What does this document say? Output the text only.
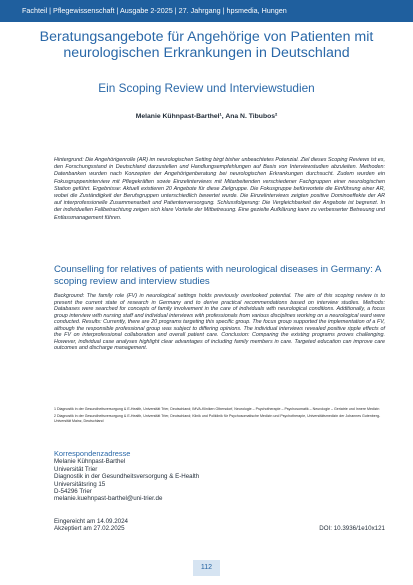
Fachteil | Pflegewissenschaft | Ausgabe 2-2025 | 27. Jahrgang | hpsmedia, Hungen
Beratungsangebote für Angehörige von Patienten mit neurologischen Erkrankungen in Deutschland
Ein Scoping Review und Interviewstudien
Melanie Kühnpast-Barthel¹, Ana N. Tibubos²
Hintergrund: Die Angehörigenrolle (AR) im neurologischen Setting birgt bisher unbeachtetes Potenzial. Ziel dieses Scoping Reviews ist es, den Forschungsstand in Deutschland darzustellen und Handlungsempfehlungen auf Basis von Interviewstudien abzuleiten. Methoden: Datenbanken wurden nach Konzepten der Angehörigenberatung bei neurologischen Erkrankungen durchsucht. Zudem wurden ein Fokusgruppeninterview mit Pflegekräften sowie Einzelinterviews mit Mitarbeitenden verschiedener Fachgruppen einer neurologischen Station geführt. Ergebnisse: Aktuell existieren 20 Angebote für diese Zielgruppe. Die Fokusgruppe befürwortete die Einführung einer AR, wobei die Zuständigkeit der Berufsgruppen unterschiedlich bewertet wurde. Die Einzelinterviews zeigten positive Dominoeffekte der AR auf interprofessionelle Zusammenarbeit und Patientenversorgung. Schlussfolgerung: Die Vergleichbarkeit der Angebote ist begrenzt. In der individuellen Fallbetrachtung zeigen sich klare Vorteile der Mitbetreuung. Eine gezielte Aufklärung kann zu verbesserter Betreuung und Entlassmanagement führen.
Counselling for relatives of patients with neurological diseases in Germany: A scoping review and interview studies
Background: The family role (FV) in neurological settings holds previously overlooked potential. The aim of this scoping review is to present the current state of research in Germany and to derive practical recommendations based on interview studies. Methods: Databases were searched for concepts of family involvement in the care of individuals with neurological conditions. Additionally, a focus group interview with nursing staff and individual interviews with professionals from various disciplines working on a neurological ward were conducted. Results: Currently, there are 20 programs targeting this specific group. The focus group supported the implementation of a FV, although the responsible professional group was subject to differing opinions. The individual interviews revealed positive ripple effects of the FV on interprofessional collaboration and overall patient care. Conclusion: Comparing the existing programs proves challenging. However, individual case analyses highlight clear advantages of including family members in care. Targeted education can improve care outcomes and discharge management.

1 Diagnostik in der Gesundheitsversorgung & E-Health, Universität Trier, Deutschland; IMVA-Kliniken Olbersdorf, Neurologie – Psychotherapie – Psychosomatik – Neurologie – Geriatrie und Innere Medizin

2 Diagnostik in der Gesundheitsversorgung & E-Health, Universität Trier, Deutschland; Klinik und Poliklinik für Psychosomatische Medizin und Psychotherapie, Universitätsmedizin der Johannes Gutenberg-Universität Mainz, Deutschland

Korrespondenzadresse
Melanie Kühnpast-Barthel
Universität Trier
Diagnostik in der Gesundheitsversorgung & E-Health
Universitätsring 15
D-54296 Trier
melanie.kuehnpast-barthel@uni-trier.de
Eingereicht am 14.09.2024
Akzeptiert am 27.02.2025	DOI: 10.3936/1e10x121
112
